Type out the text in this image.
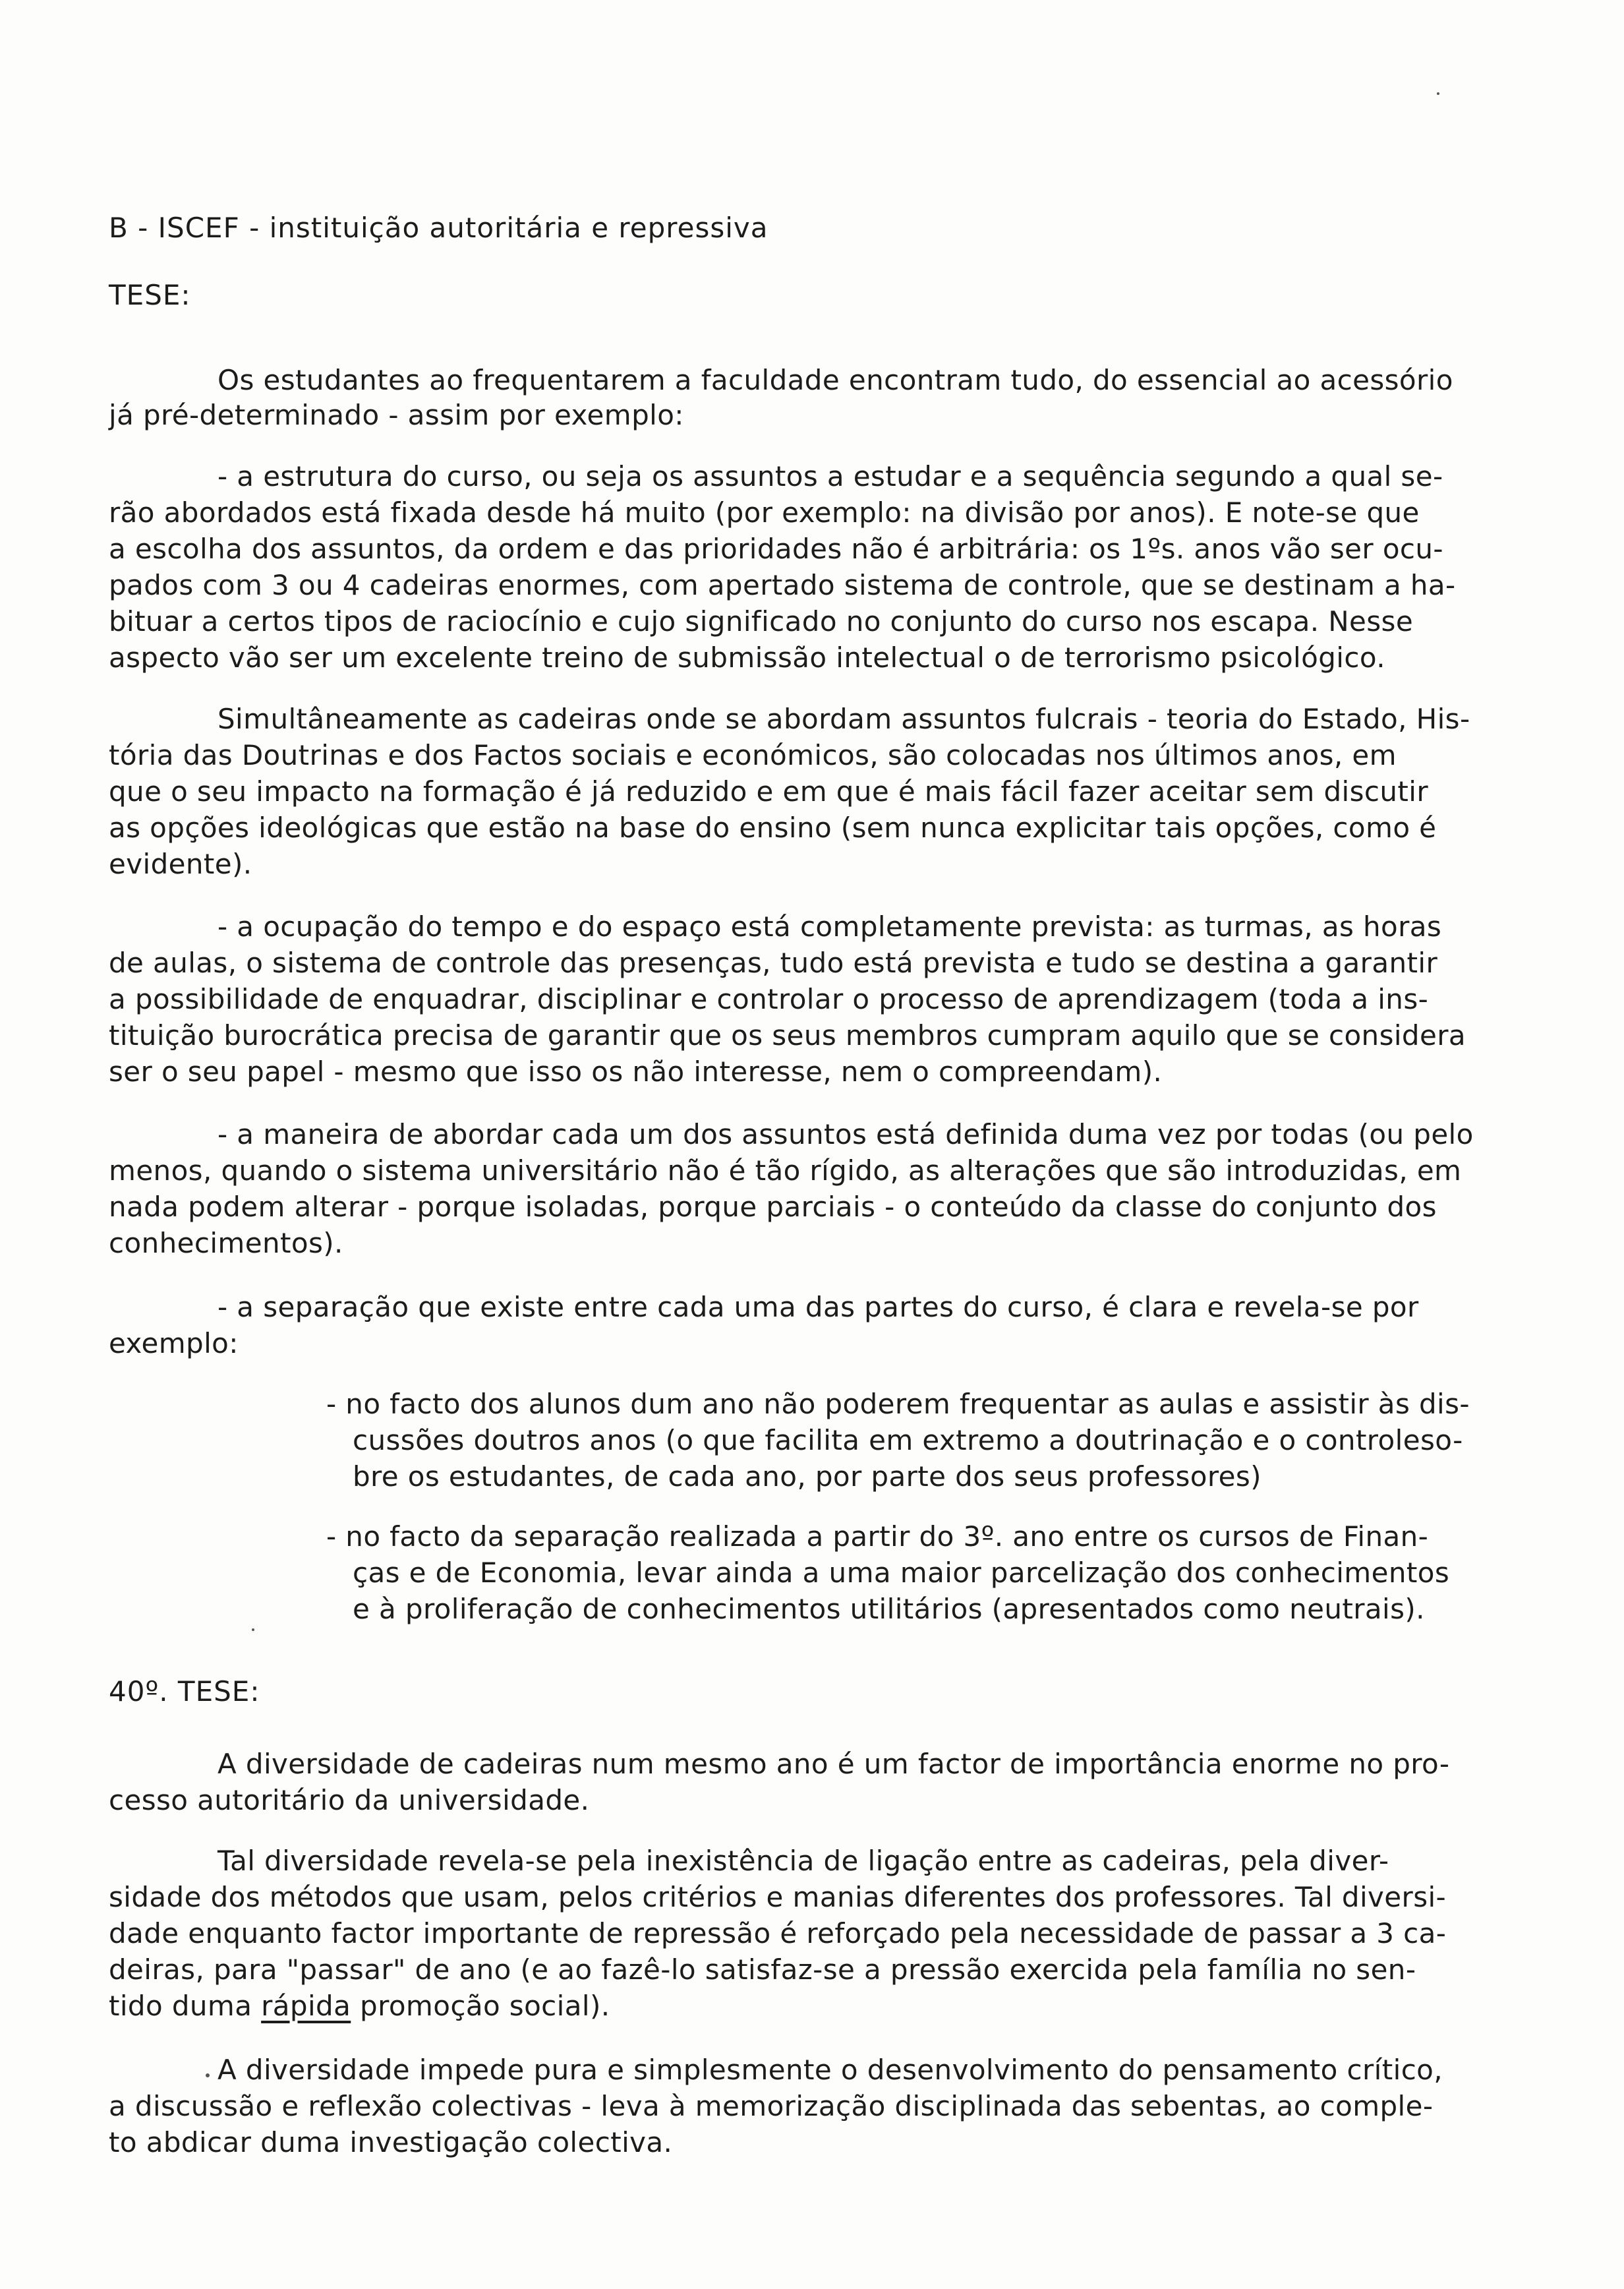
B - ISCEF - instituição autoritária e repressiva
TESE:
Os estudantes ao frequentarem a faculdade encontram tudo, do essencial ao acessório
já pré-determinado - assim por exemplo:
- a estrutura do curso, ou seja os assuntos a estudar e a sequência segundo a qual se-
rão abordados está fixada desde há muito (por exemplo: na divisão por anos). E note-se que
a escolha dos assuntos, da ordem e das prioridades não é arbitrária: os 1ºs. anos vão ser ocu-
pados com 3 ou 4 cadeiras enormes, com apertado sistema de controle, que se destinam a ha-
bituar a certos tipos de raciocínio e cujo significado no conjunto do curso nos escapa. Nesse
aspecto vão ser um excelente treino de submissão intelectual o de terrorismo psicológico.
Simultâneamente as cadeiras onde se abordam assuntos fulcrais - teoria do Estado, His-
tória das Doutrinas e dos Factos sociais e económicos, são colocadas nos últimos anos, em
que o seu impacto na formação é já reduzido e em que é mais fácil fazer aceitar sem discutir
as opções ideológicas que estão na base do ensino (sem nunca explicitar tais opções, como é
evidente).
- a ocupação do tempo e do espaço está completamente prevista: as turmas, as horas
de aulas, o sistema de controle das presenças, tudo está prevista e tudo se destina a garantir
a possibilidade de enquadrar, disciplinar e controlar o processo de aprendizagem (toda a ins-
tituição burocrática precisa de garantir que os seus membros cumpram aquilo que se considera
ser o seu papel - mesmo que isso os não interesse, nem o compreendam).
- a maneira de abordar cada um dos assuntos está definida duma vez por todas (ou pelo
menos, quando o sistema universitário não é tão rígido, as alterações que são introduzidas, em
nada podem alterar - porque isoladas, porque parciais - o conteúdo da classe do conjunto dos
conhecimentos).
- a separação que existe entre cada uma das partes do curso, é clara e revela-se por
exemplo:
- no facto dos alunos dum ano não poderem frequentar as aulas e assistir às dis-
cussões doutros anos (o que facilita em extremo a doutrinação e o controleso-
bre os estudantes, de cada ano, por parte dos seus professores)
- no facto da separação realizada a partir do 3º. ano entre os cursos de Finan-
ças e de Economia, levar ainda a uma maior parcelização dos conhecimentos
e à proliferação de conhecimentos utilitários (apresentados como neutrais).
40º. TESE:
A diversidade de cadeiras num mesmo ano é um factor de importância enorme no pro-
cesso autoritário da universidade.
Tal diversidade revela-se pela inexistência de ligação entre as cadeiras, pela diver-
sidade dos métodos que usam, pelos critérios e manias diferentes dos professores. Tal diversi-
dade enquanto factor importante de repressão é reforçado pela necessidade de passar a 3 ca-
deiras, para "passar" de ano (e ao fazê-lo satisfaz-se a pressão exercida pela família no sen-
tido duma rápida promoção social).
A diversidade impede pura e simplesmente o desenvolvimento do pensamento crítico,
a discussão e reflexão colectivas - leva à memorização disciplinada das sebentas, ao comple-
to abdicar duma investigação colectiva.
